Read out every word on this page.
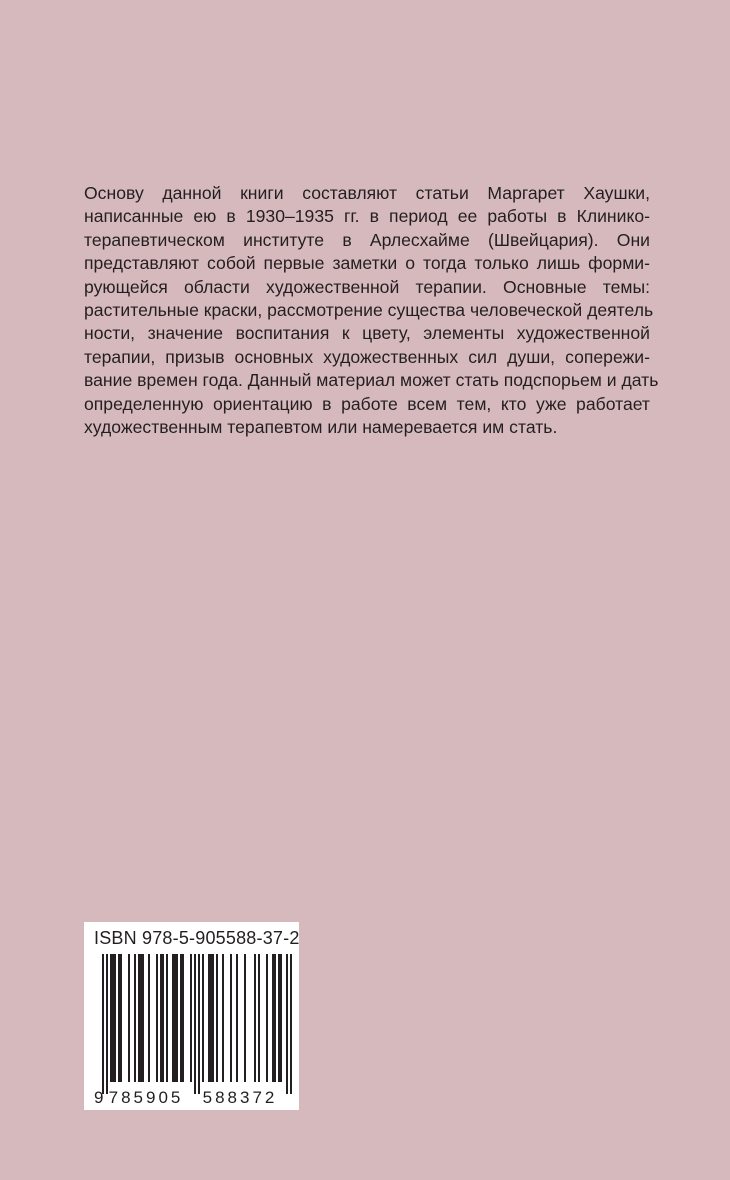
Основу данной книги составляют статьи Маргарет Хаушки,
написанные ею в 1930–1935 гг. в период ее работы в Клинико-
терапевтическом институте в Арлесхайме (Швейцария). Они
представляют собой первые заметки о тогда только лишь форми-
рующейся области художественной терапии. Основные темы:
растительные краски, рассмотрение существа человеческой деятель
ности, значение воспитания к цвету, элементы художественной
терапии, призыв основных художественных сил души, сопережи-
вание времен года. Данный материал может стать подспорьем и дать
определенную ориентацию в работе всем тем, кто уже работает
художественным терапевтом или намеревается им стать.
ISBN 978-5-905588-37-2
9 785905 588372
